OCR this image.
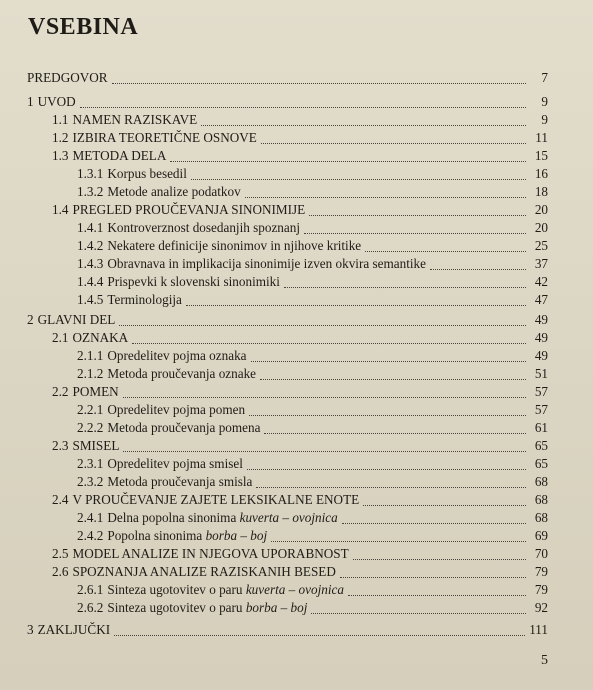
VSEBINA
PREDGOVOR	7
1 UVOD	9
1.1 NAMEN RAZISKAVE	9
1.2 IZBIRA TEORETIČNE OSNOVE	11
1.3 METODA DELA	15
1.3.1 Korpus besedil	16
1.3.2 Metode analize podatkov	18
1.4 PREGLED PROUČEVANJA SINONIMIJE	20
1.4.1 Kontroverznost dosedanjih spoznanj	20
1.4.2 Nekatere definicije sinonimov in njihove kritike	25
1.4.3 Obravnava in implikacija sinonimije izven okvira semantike	37
1.4.4 Prispevki k slovenski sinonimiki	42
1.4.5 Terminologija	47
2 GLAVNI DEL	49
2.1 OZNAKA	49
2.1.1 Opredelitev pojma oznaka	49
2.1.2 Metoda proučevanja oznake	51
2.2 POMEN	57
2.2.1 Opredelitev pojma pomen	57
2.2.2 Metoda proučevanja pomena	61
2.3 SMISEL	65
2.3.1 Opredelitev pojma smisel	65
2.3.2 Metoda proučevanja smisla	68
2.4 V PROUČEVANJE ZAJETE LEKSIKALNE ENOTE	68
2.4.1 Delna popolna sinonima kuverta – ovojnica	68
2.4.2 Popolna sinonima borba – boj	69
2.5 MODEL ANALIZE IN NJEGOVA UPORABNOST	70
2.6 SPOZNANJA ANALIZE RAZISKANIH BESED	79
2.6.1 Sinteza ugotovitev o paru kuverta – ovojnica	79
2.6.2 Sinteza ugotovitev o paru borba – boj	92
3 ZAKLJUČKI	111
5
